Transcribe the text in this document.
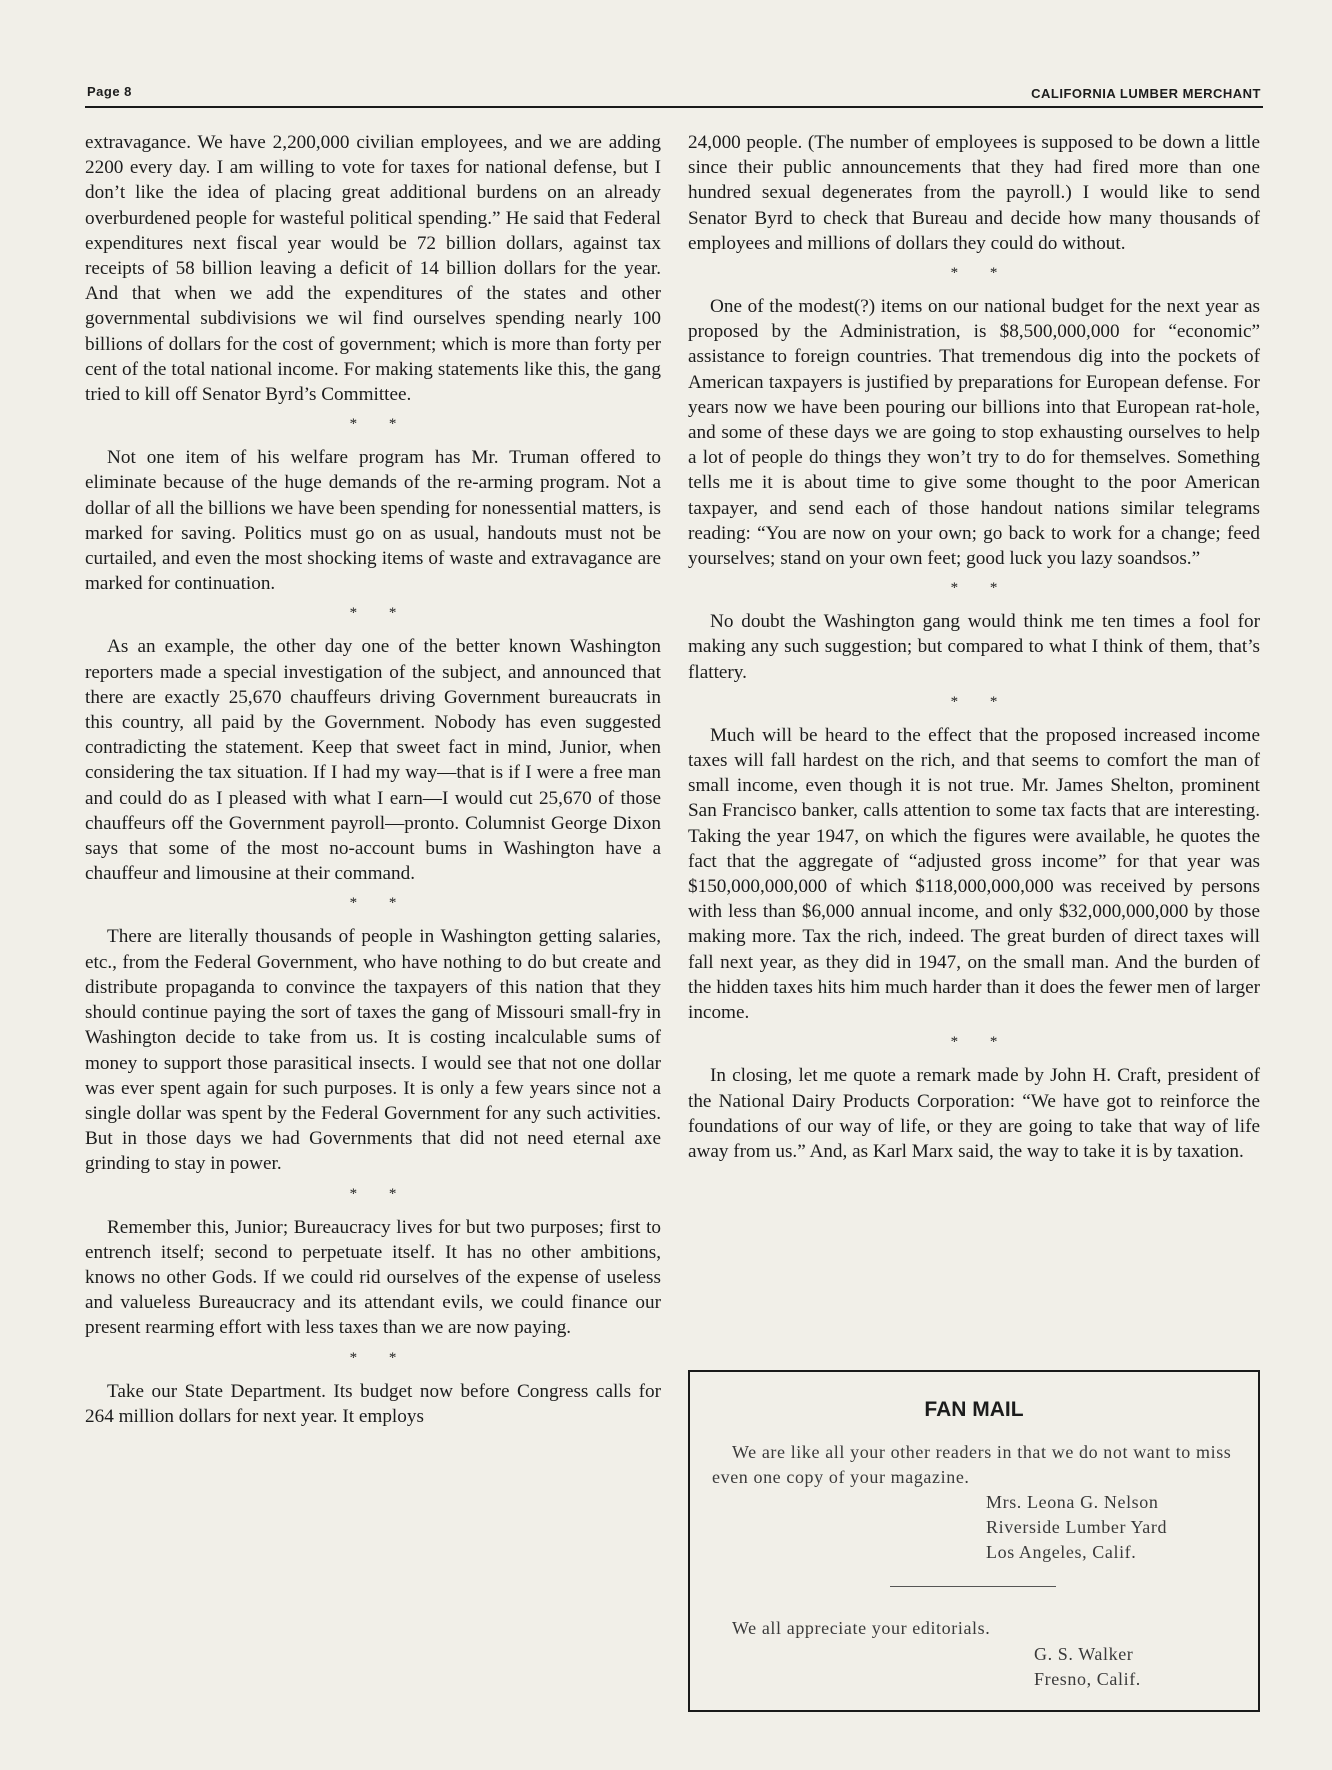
Page 8	CALIFORNIA LUMBER MERCHANT

extravagance. We have 2,200,000 civilian employees, and we are adding 2200 every day. I am willing to vote for taxes for national defense, but I don’t like the idea of placing great additional burdens on an already overburdened people for wasteful political spending.” He said that Federal expenditures next fiscal year would be 72 billion dollars, against tax receipts of 58 billion leaving a deficit of 14 billion dollars for the year. And that when we add the expenditures of the states and other governmental subdivisions we wil find ourselves spending nearly 100 billions of dollars for the cost of government; which is more than forty per cent of the total national income. For making statements like this, the gang tried to kill off Senator Byrd’s Committee.

* *

Not one item of his welfare program has Mr. Truman offered to eliminate because of the huge demands of the re-arming program. Not a dollar of all the billions we have been spending for nonessential matters, is marked for saving. Politics must go on as usual, handouts must not be curtailed, and even the most shocking items of waste and extravagance are marked for continuation.

* *

As an example, the other day one of the better known Washington reporters made a special investigation of the subject, and announced that there are exactly 25,670 chauffeurs driving Government bureaucrats in this country, all paid by the Government. Nobody has even suggested contradicting the statement. Keep that sweet fact in mind, Junior, when considering the tax situation. If I had my way—that is if I were a free man and could do as I pleased with what I earn—I would cut 25,670 of those chauffeurs off the Government payroll—pronto. Columnist George Dixon says that some of the most no-account bums in Washington have a chauffeur and limousine at their command.

* *

There are literally thousands of people in Washington getting salaries, etc., from the Federal Government, who have nothing to do but create and distribute propaganda to convince the taxpayers of this nation that they should continue paying the sort of taxes the gang of Missouri small-fry in Washington decide to take from us. It is costing incalculable sums of money to support those parasitical insects. I would see that not one dollar was ever spent again for such purposes. It is only a few years since not a single dollar was spent by the Federal Government for any such activities. But in those days we had Governments that did not need eternal axe grinding to stay in power.

* *

Remember this, Junior; Bureaucracy lives for but two purposes; first to entrench itself; second to perpetuate itself. It has no other ambitions, knows no other Gods. If we could rid ourselves of the expense of useless and valueless Bureaucracy and its attendant evils, we could finance our present rearming effort with less taxes than we are now paying.

* *

Take our State Department. Its budget now before Congress calls for 264 million dollars for next year. It employs

24,000 people. (The number of employees is supposed to be down a little since their public announcements that they had fired more than one hundred sexual degenerates from the payroll.) I would like to send Senator Byrd to check that Bureau and decide how many thousands of employees and millions of dollars they could do without.

* *

One of the modest(?) items on our national budget for the next year as proposed by the Administration, is $8,500,000,000 for “economic” assistance to foreign countries. That tremendous dig into the pockets of American taxpayers is justified by preparations for European defense. For years now we have been pouring our billions into that European rat-hole, and some of these days we are going to stop exhausting ourselves to help a lot of people do things they won’t try to do for themselves. Something tells me it is about time to give some thought to the poor American taxpayer, and send each of those handout nations similar telegrams reading: “You are now on your own; go back to work for a change; feed yourselves; stand on your own feet; good luck you lazy soandsos.”

* *

No doubt the Washington gang would think me ten times a fool for making any such suggestion; but compared to what I think of them, that’s flattery.

* *

Much will be heard to the effect that the proposed increased income taxes will fall hardest on the rich, and that seems to comfort the man of small income, even though it is not true. Mr. James Shelton, prominent San Francisco banker, calls attention to some tax facts that are interesting. Taking the year 1947, on which the figures were available, he quotes the fact that the aggregate of “adjusted gross income” for that year was $150,000,000,000 of which $118,000,000,000 was received by persons with less than $6,000 annual income, and only $32,000,000,000 by those making more. Tax the rich, indeed. The great burden of direct taxes will fall next year, as they did in 1947, on the small man. And the burden of the hidden taxes hits him much harder than it does the fewer men of larger income.

* *

In closing, let me quote a remark made by John H. Craft, president of the National Dairy Products Corporation: “We have got to reinforce the foundations of our way of life, or they are going to take that way of life away from us.” And, as Karl Marx said, the way to take it is by taxation.

FAN MAIL
We are like all your other readers in that we do not want to miss even one copy of your magazine.
Mrs. Leona G. Nelson
Riverside Lumber Yard
Los Angeles, Calif.
We all appreciate your editorials.
G. S. Walker
Fresno, Calif.
